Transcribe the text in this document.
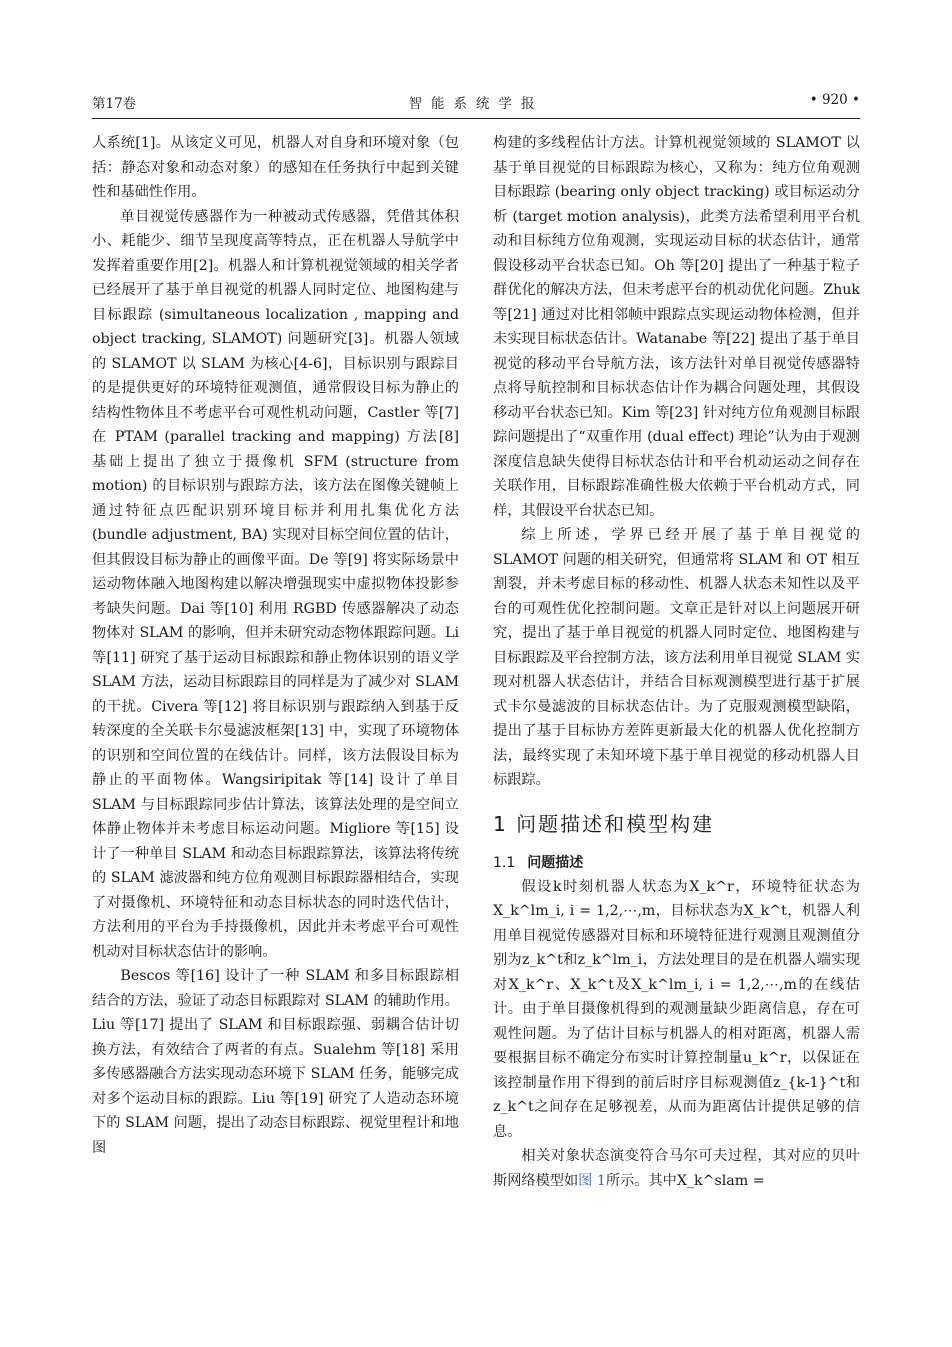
第17卷	智能系统学报	• 920 •

人系统[1]。从该定义可见，机器人对自身和环境对象（包括：静态对象和动态对象）的感知在任务执行中起到关键性和基础性作用。

单目视觉传感器作为一种被动式传感器，凭借其体积小、耗能少、细节呈现度高等特点，正在机器人导航学中发挥着重要作用[2]。机器人和计算机视觉领域的相关学者已经展开了基于单目视觉的机器人同时定位、地图构建与目标跟踪 (simultaneous localization , mapping and object tracking, SLAMOT) 问题研究[3]。机器人领域的 SLAMOT 以 SLAM 为核心[4-6]，目标识别与跟踪目的是提供更好的环境特征观测值，通常假设目标为静止的结构性物体且不考虑平台可观性机动问题，Castler 等[7] 在 PTAM (parallel tracking and mapping) 方法[8] 基础上提出了独立于摄像机 SFM (structure from motion) 的目标识别与跟踪方法，该方法在图像关键帧上通过特征点匹配识别环境目标并利用扎集优化方法 (bundle adjustment, BA) 实现对目标空间位置的估计，但其假设目标为静止的画像平面。De 等[9] 将实际场景中运动物体融入地图构建以解决增强现实中虚拟物体投影参考缺失问题。Dai 等[10] 利用 RGBD 传感器解决了动态物体对 SLAM 的影响，但并未研究动态物体跟踪问题。Li 等[11] 研究了基于运动目标跟踪和静止物体识别的语义学 SLAM 方法，运动目标跟踪目的同样是为了减少对 SLAM 的干扰。Civera 等[12] 将目标识别与跟踪纳入到基于反转深度的全关联卡尔曼滤波框架[13] 中，实现了环境物体的识别和空间位置的在线估计。同样，该方法假设目标为静止的平面物体。Wangsiripitak 等[14] 设计了单目 SLAM 与目标跟踪同步估计算法，该算法处理的是空间立体静止物体并未考虑目标运动问题。Migliore 等[15] 设计了一种单目 SLAM 和动态目标跟踪算法，该算法将传统的 SLAM 滤波器和纯方位角观测目标跟踪器相结合，实现了对摄像机、环境特征和动态目标状态的同时迭代估计，方法利用的平台为手持摄像机，因此并未考虑平台可观性机动对目标状态估计的影响。

Bescos 等[16] 设计了一种 SLAM 和多目标跟踪相结合的方法，验证了动态目标跟踪对 SLAM 的辅助作用。Liu 等[17] 提出了 SLAM 和目标跟踪强、弱耦合估计切换方法，有效结合了两者的有点。Sualehm 等[18] 采用多传感器融合方法实现动态环境下 SLAM 任务，能够完成对多个运动目标的跟踪。Liu 等[19] 研究了人造动态环境下的 SLAM 问题，提出了动态目标跟踪、视觉里程计和地图

构建的多线程估计方法。计算机视觉领域的 SLAMOT 以基于单目视觉的目标跟踪为核心，又称为：纯方位角观测目标跟踪 (bearing only object tracking) 或目标运动分析 (target motion analysis)，此类方法希望利用平台机动和目标纯方位角观测，实现运动目标的状态估计，通常假设移动平台状态已知。Oh 等[20] 提出了一种基于粒子群优化的解决方法，但未考虑平台的机动优化问题。Zhuk 等[21] 通过对比相邻帧中跟踪点实现运动物体检测，但并未实现目标状态估计。Watanabe 等[22] 提出了基于单目视觉的移动平台导航方法，该方法针对单目视觉传感器特点将导航控制和目标状态估计作为耦合问题处理，其假设移动平台状态已知。Kim 等[23] 针对纯方位角观测目标跟踪问题提出了“双重作用 (dual effect) 理论”认为由于观测深度信息缺失使得目标状态估计和平台机动运动之间存在关联作用，目标跟踪准确性极大依赖于平台机动方式，同样，其假设平台状态已知。

综上所述，学界已经开展了基于单目视觉的 SLAMOT 问题的相关研究，但通常将 SLAM 和 OT 相互割裂，并未考虑目标的移动性、机器人状态未知性以及平台的可观性优化控制问题。文章正是针对以上问题展开研究，提出了基于单目视觉的机器人同时定位、地图构建与目标跟踪及平台控制方法，该方法利用单目视觉 SLAM 实现对机器人状态估计，并结合目标观测模型进行基于扩展式卡尔曼滤波的目标状态估计。为了克服观测模型缺陷，提出了基于目标协方差阵更新最大化的机器人优化控制方法，最终实现了未知环境下基于单目视觉的移动机器人目标跟踪。

1 问题描述和模型构建
1.1 问题描述

假设k时刻机器人状态为X_k^r，环境特征状态为X_k^lm_i, i = 1,2,⋯,m，目标状态为X_k^t，机器人利用单目视觉传感器对目标和环境特征进行观测且观测值分别为z_k^t和z_k^lm_i，方法处理目的是在机器人端实现对X_k^r、X_k^t及X_k^lm_i, i = 1,2,⋯,m的在线估计。由于单目摄像机得到的观测量缺少距离信息，存在可观性问题。为了估计目标与机器人的相对距离，机器人需要根据目标不确定分布实时计算控制量u_k^r，以保证在该控制量作用下得到的前后时序目标观测值z_{k-1}^t和z_k^t之间存在足够视差，从而为距离估计提供足够的信息。

相关对象状态演变符合马尔可夫过程，其对应的贝叶斯网络模型如图 1所示。其中X_k^slam =
